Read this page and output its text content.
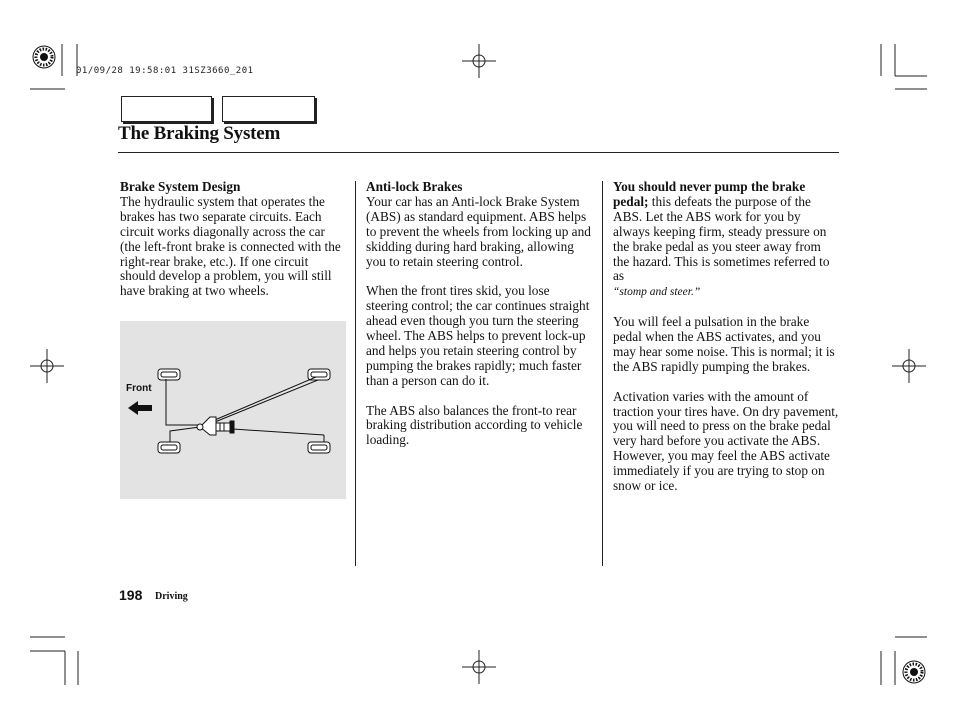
01/09/28 19:58:01 31SZ3660_201
The Braking System

Brake System Design
The hydraulic system that operates the brakes has two separate circuits. Each circuit works diagonally across the car (the left-front brake is connected with the right-rear brake, etc.). If one circuit should develop a problem, you will still have braking at two wheels.

Front

Anti-lock Brakes
Your car has an Anti-lock Brake System (ABS) as standard equipment. ABS helps to prevent the wheels from locking up and skidding during hard braking, allowing you to retain steering control.

When the front tires skid, you lose steering control; the car continues straight ahead even though you turn the steering wheel. The ABS helps to prevent lock-up and helps you retain steering control by pumping the brakes rapidly; much faster than a person can do it.

The ABS also balances the front-to rear braking distribution according to vehicle loading.

You should never pump the brake pedal; this defeats the purpose of the ABS. Let the ABS work for you by always keeping firm, steady pressure on the brake pedal as you steer away from the hazard. This is sometimes referred to as
“stomp and steer.”

You will feel a pulsation in the brake pedal when the ABS activates, and you may hear some noise. This is normal; it is the ABS rapidly pumping the brakes.

Activation varies with the amount of traction your tires have. On dry pavement, you will need to press on the brake pedal very hard before you activate the ABS. However, you may feel the ABS activate immediately if you are trying to stop on snow or ice.

198 Driving
